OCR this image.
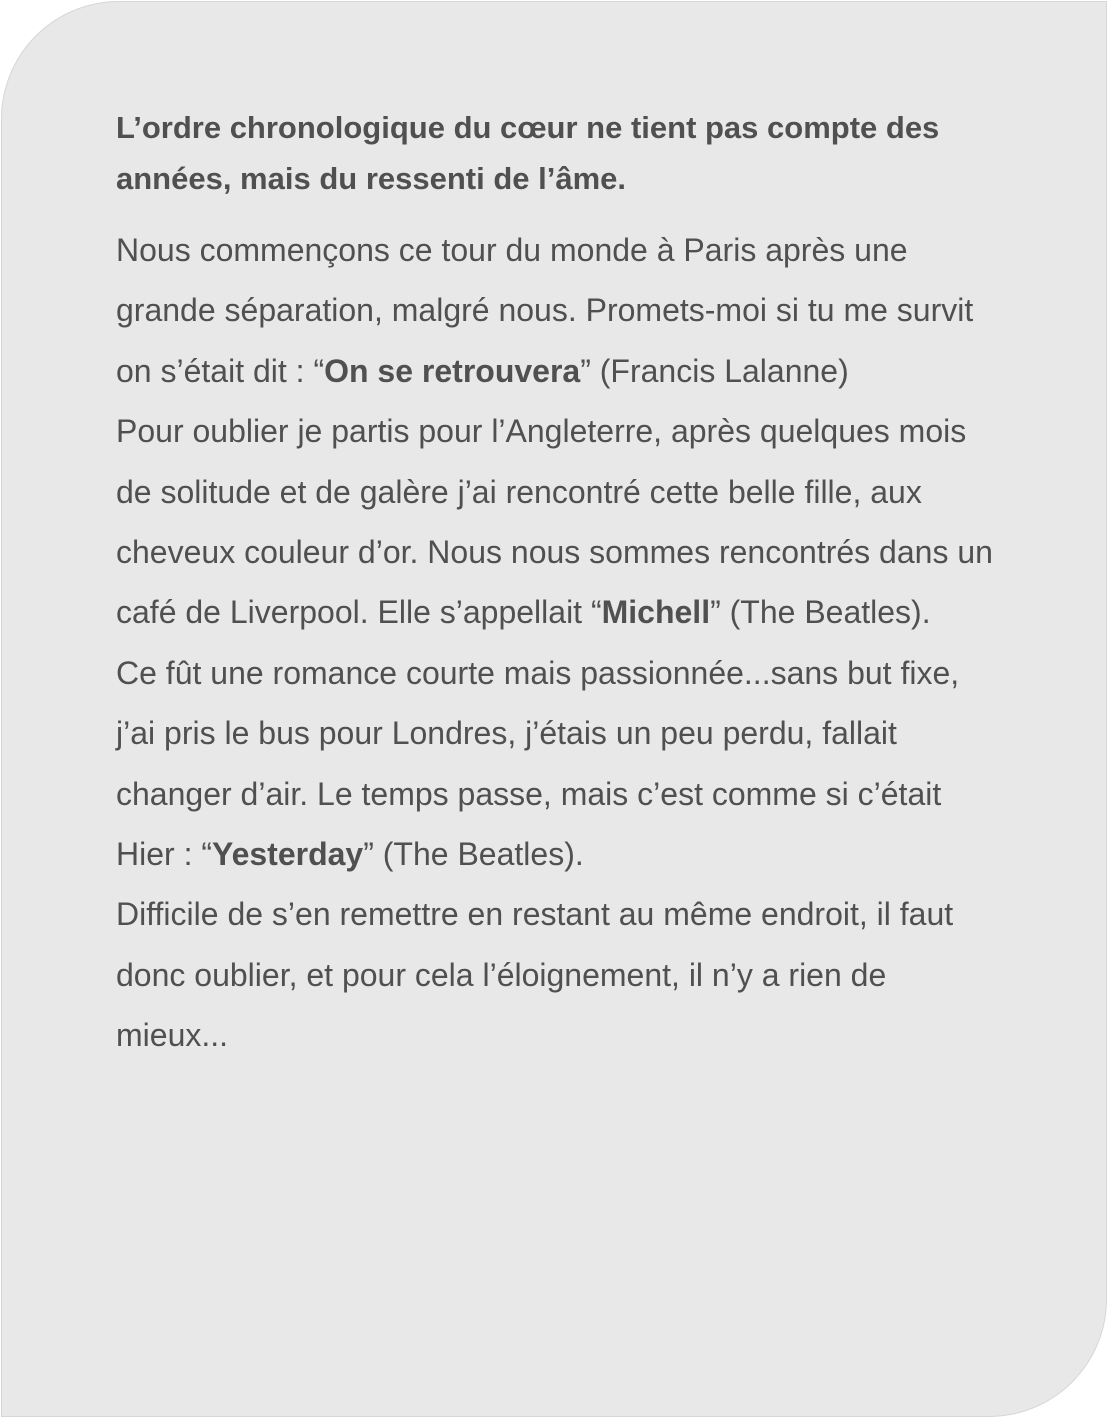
L’ordre chronologique du cœur ne tient pas compte des années, mais du ressenti de l’âme.

Nous commençons ce tour du monde à Paris après une grande séparation, malgré nous. Promets-moi si tu me survit on s’était dit : “On se retrouvera” (Francis Lalanne)

Pour oublier je partis pour l’Angleterre, après quelques mois de solitude et de galère j’ai rencontré cette belle fille, aux cheveux couleur d’or. Nous nous sommes rencontrés dans un café de Liverpool. Elle s’appellait “Michell” (The Beatles).

Ce fût une romance courte mais passionnée...sans but fixe, j’ai pris le bus pour Londres, j’étais un peu perdu, fallait changer d’air. Le temps passe, mais c’est comme si c’était Hier : “Yesterday” (The Beatles).

Difficile de s’en remettre en restant au même endroit, il faut donc oublier, et pour cela l’éloignement, il n’y a rien de mieux...
